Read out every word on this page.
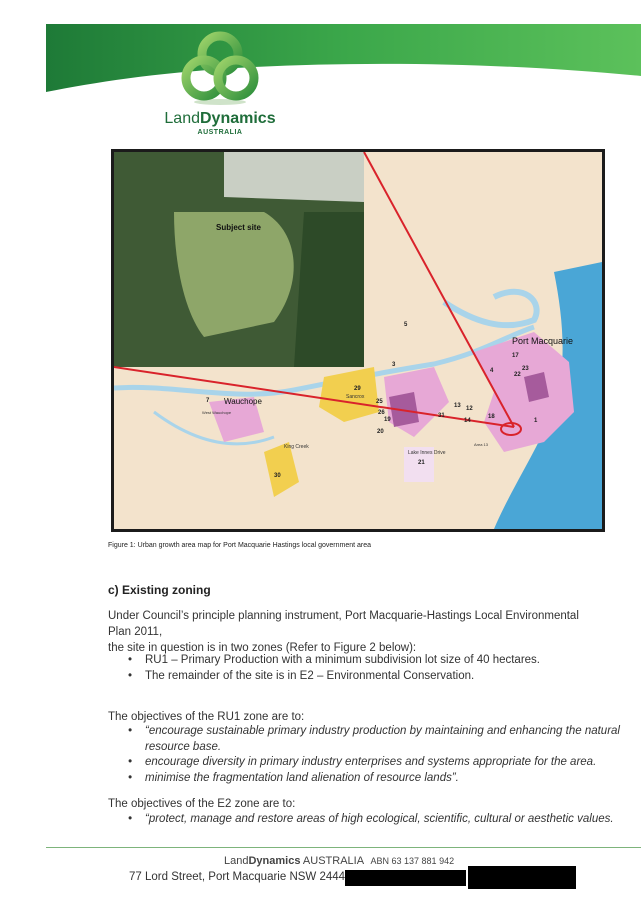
LandDynamics
AUSTRALIA
Subject site
Port Macquarie
Wauchope	Sancrox
Lake Innes Drive
King Creek
West Wauchope
Area 13
5
29
25
26
20
19
13 12
31	18
14
21
30
4
17
23
22
3
1
7
Figure 1: Urban growth area map for Port Macquarie Hastings local government area
c) Existing zoning
Under Council’s principle planning instrument, Port Macquarie-Hastings Local Environmental Plan 2011,
the site in question is in two zones (Refer to Figure 2 below):
• RU1 – Primary Production with a minimum subdivision lot size of 40 hectares.
• The remainder of the site is in E2 – Environmental Conservation.
The objectives of the RU1 zone are to:
• “encourage sustainable primary industry production by maintaining and enhancing the natural
resource base.
• encourage diversity in primary industry enterprises and systems appropriate for the area.
• minimise the fragmentation land alienation of resource lands”.
The objectives of the E2 zone are to:
• “protect, manage and restore areas of high ecological, scientific, cultural or aesthetic values.
LandDynamics AUSTRALIA ABN 63 137 881 942
77 Lord Street, Port Macquarie NSW 2444
